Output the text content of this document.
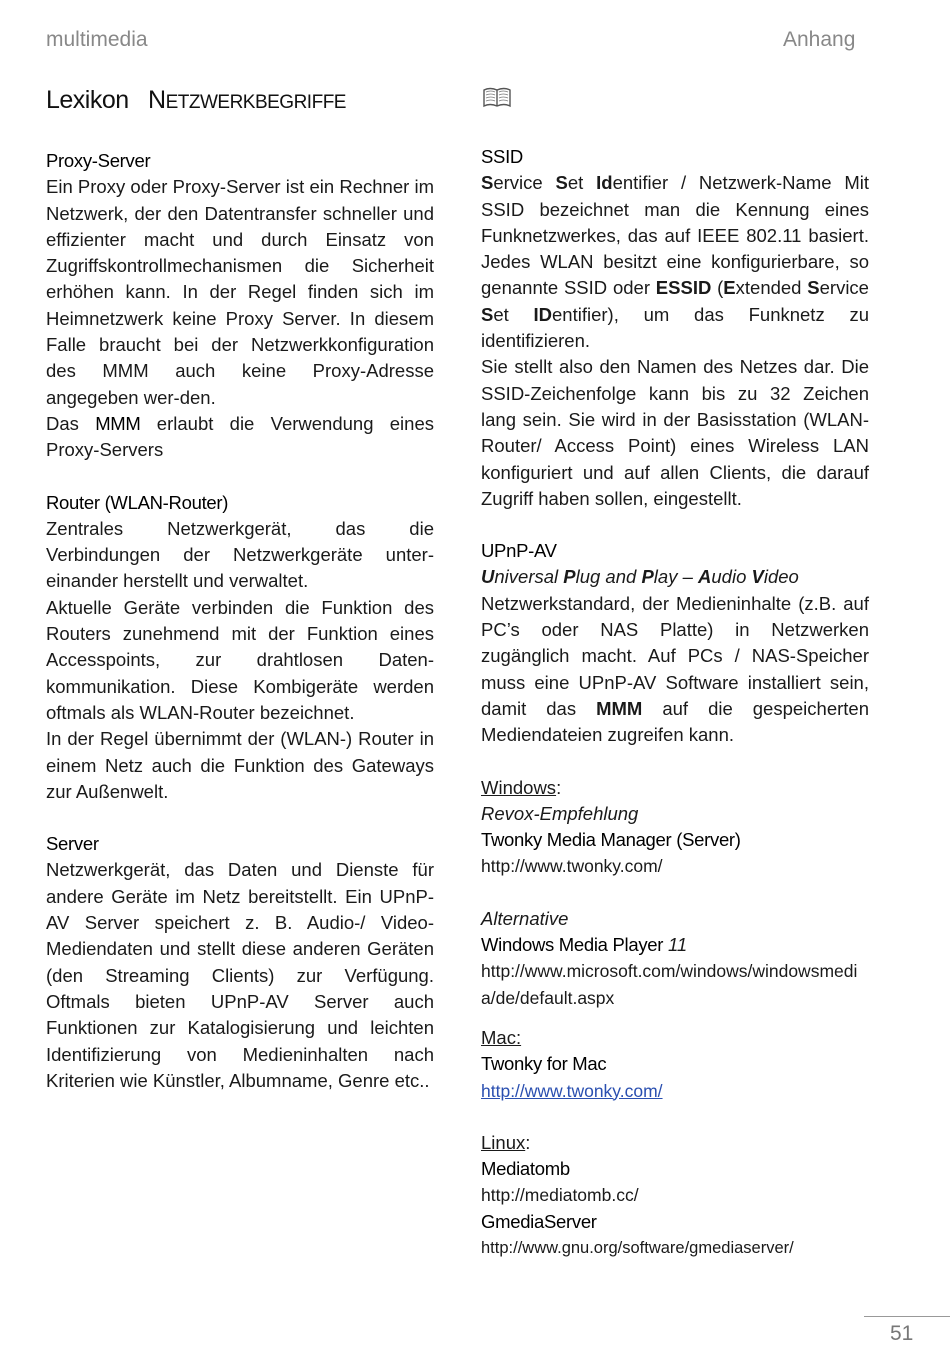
multimedia	Anhang
Lexikon NETZWERKBEGRIFFE
Proxy-Server
Ein Proxy oder Proxy-Server ist ein Rechner im Netzwerk, der den Datentransfer schneller und effizienter macht und durch Einsatz von Zugriffskontrollmechanismen die Sicherheit erhöhen kann. In der Regel finden sich im Heimnetzwerk keine Proxy Server. In diesem Falle braucht bei der Netzwerkkonfiguration des MMM auch keine Proxy-Adresse angegeben wer-den.
Das MMM erlaubt die Verwendung eines Proxy-Servers
Router (WLAN-Router)
Zentrales Netzwerkgerät, das die Verbindungen der Netzwerkgeräte unter-einander herstellt und verwaltet.
Aktuelle Geräte verbinden die Funktion des Routers zunehmend mit der Funktion eines Accesspoints, zur drahtlosen Daten-kommunikation. Diese Kombigeräte werden oftmals als WLAN-Router bezeichnet.
In der Regel übernimmt der (WLAN-) Router in einem Netz auch die Funktion des Gateways zur Außenwelt.
Server
Netzwerkgerät, das Daten und Dienste für andere Geräte im Netz bereitstellt. Ein UPnP-AV Server speichert z. B. Audio-/ Video-Mediendaten und stellt diese anderen Geräten (den Streaming Clients) zur Verfügung. Oftmals bieten UPnP-AV Server auch Funktionen zur Katalogisierung und leichten Identifizierung von Medieninhalten nach Kriterien wie Künstler, Albumname, Genre etc..
SSID
Service Set Identifier / Netzwerk-Name Mit SSID bezeichnet man die Kennung eines Funknetzwerkes, das auf IEEE 802.11 basiert. Jedes WLAN besitzt eine konfigurierbare, so genannte SSID oder ESSID (Extended Service Set IDentifier), um das Funknetz zu identifizieren.
Sie stellt also den Namen des Netzes dar. Die SSID-Zeichenfolge kann bis zu 32 Zeichen lang sein. Sie wird in der Basisstation (WLAN-Router/ Access Point) eines Wireless LAN konfiguriert und auf allen Clients, die darauf Zugriff haben sollen, eingestellt.
UPnP-AV
Universal Plug and Play – Audio Video
Netzwerkstandard, der Medieninhalte (z.B. auf PC’s oder NAS Platte) in Netzwerken zugänglich macht. Auf PCs / NAS-Speicher muss eine UPnP-AV Software installiert sein, damit das MMM auf die gespeicherten Mediendateien zugreifen kann.
Windows:
Revox-Empfehlung
Twonky Media Manager (Server)
http://www.twonky.com/
Alternative
Windows Media Player 11
http://www.microsoft.com/windows/windowsmedia/de/default.aspx
Mac:
Twonky for Mac
http://www.twonky.com/
Linux:
Mediatomb
http://mediatomb.cc/
GmediaServer
http://www.gnu.org/software/gmediaserver/
51
